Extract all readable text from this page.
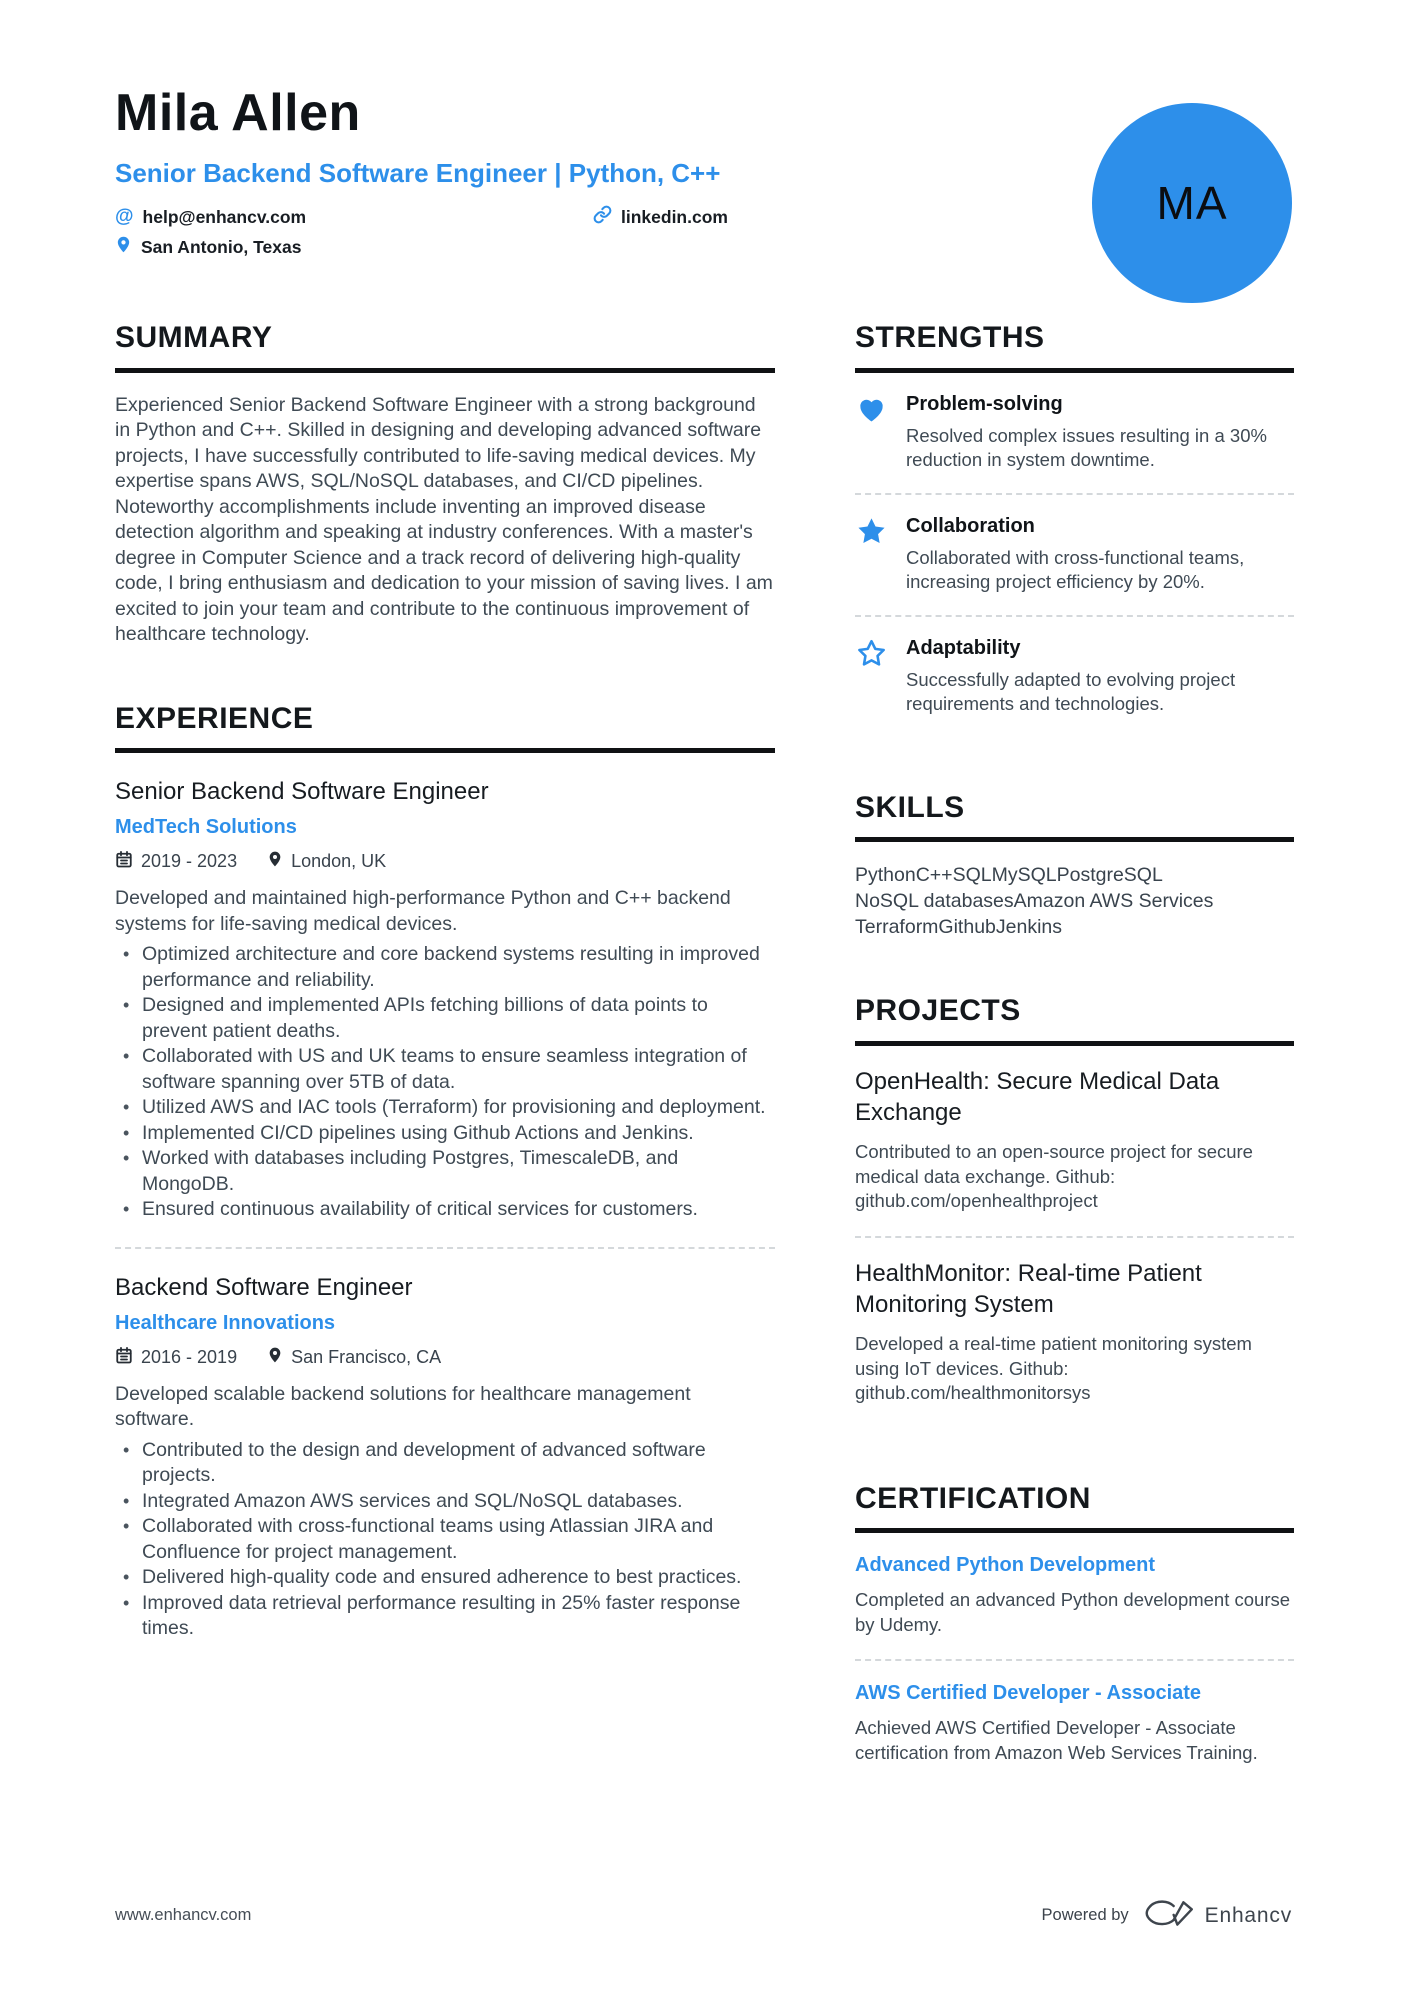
Mila Allen
Senior Backend Software Engineer | Python, C++
@ help@enhancv.com	linkedin.com
San Antonio, Texas
MA
SUMMARY

Experienced Senior Backend Software Engineer with a strong background in Python and C++. Skilled in designing and developing advanced software projects, I have successfully contributed to life-saving medical devices. My expertise spans AWS, SQL/NoSQL databases, and CI/CD pipelines. Noteworthy accomplishments include inventing an improved disease detection algorithm and speaking at industry conferences. With a master's degree in Computer Science and a track record of delivering high-quality code, I bring enthusiasm and dedication to your mission of saving lives. I am excited to join your team and contribute to the continuous improvement of healthcare technology.

EXPERIENCE
Senior Backend Software Engineer
MedTech Solutions
2019 - 2023	London, UK

Developed and maintained high-performance Python and C++ backend systems for life-saving medical devices.

• Optimized architecture and core backend systems resulting in improved performance and reliability.
• Designed and implemented APIs fetching billions of data points to prevent patient deaths.
• Collaborated with US and UK teams to ensure seamless integration of software spanning over 5TB of data.
• Utilized AWS and IAC tools (Terraform) for provisioning and deployment.
• Implemented CI/CD pipelines using Github Actions and Jenkins.
• Worked with databases including Postgres, TimescaleDB, and MongoDB.
• Ensured continuous availability of critical services for customers.
Backend Software Engineer
Healthcare Innovations
2016 - 2019	San Francisco, CA

Developed scalable backend solutions for healthcare management software.

• Contributed to the design and development of advanced software projects.
• Integrated Amazon AWS services and SQL/NoSQL databases.
• Collaborated with cross-functional teams using Atlassian JIRA and Confluence for project management.
• Delivered high-quality code and ensured adherence to best practices.
• Improved data retrieval performance resulting in 25% faster response times.
STRENGTHS
Problem-solving
Resolved complex issues resulting in a 30% reduction in system downtime.
Collaboration
Collaborated with cross-functional teams, increasing project efficiency by 20%.
Adaptability
Successfully adapted to evolving project requirements and technologies.
SKILLS
PythonC++SQLMySQLPostgreSQL
NoSQL databasesAmazon AWS Services
TerraformGithubJenkins
PROJECTS
OpenHealth: Secure Medical Data Exchange
Contributed to an open-source project for secure medical data exchange. Github: github.com/openhealthproject
HealthMonitor: Real-time Patient Monitoring System
Developed a real-time patient monitoring system using IoT devices. Github: github.com/healthmonitorsys
CERTIFICATION
Advanced Python Development
Completed an advanced Python development course by Udemy.
AWS Certified Developer - Associate
Achieved AWS Certified Developer - Associate certification from Amazon Web Services Training.
www.enhancv.com	Powered by	Enhancv
